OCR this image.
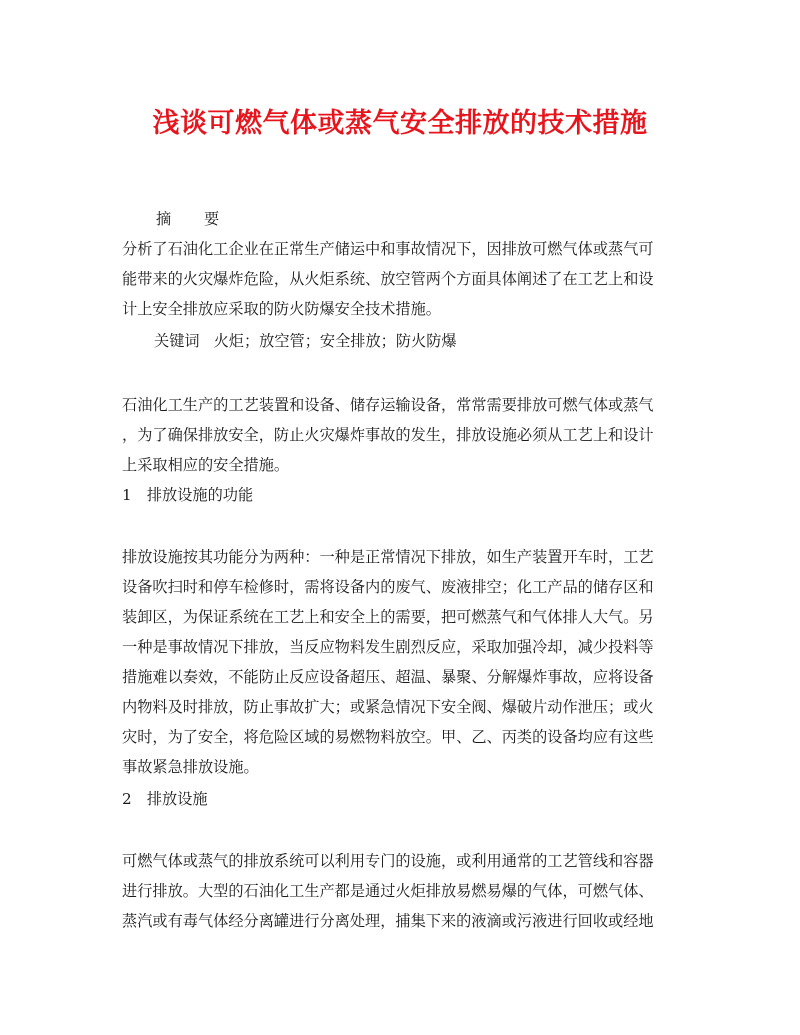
浅谈可燃气体或蒸气安全排放的技术措施

摘 要

分析了石油化工企业在正常生产储运中和事故情况下，因排放可燃气体或蒸气可

能带来的火灾爆炸危险，从火炬系统、放空管两个方面具体阐述了在工艺上和设

计上安全排放应采取的防火防爆安全技术措施。

关键词 火炬；放空管；安全排放；防火防爆

石油化工生产的工艺装置和设备、储存运输设备，常常需要排放可燃气体或蒸气

，为了确保排放安全，防止火灾爆炸事故的发生，排放设施必须从工艺上和设计

上采取相应的安全措施。

1　排放设施的功能

排放设施按其功能分为两种：一种是正常情况下排放，如生产装置开车时，工艺

设备吹扫时和停车检修时，需将设备内的废气、废液排空；化工产品的储存区和

装卸区，为保证系统在工艺上和安全上的需要，把可燃蒸气和气体排人大气。另

一种是事故情况下排放，当反应物料发生剧烈反应，采取加强冷却，减少投料等

措施难以奏效，不能防止反应设备超压、超温、暴聚、分解爆炸事故，应将设备

内物料及时排放，防止事故扩大；或紧急情况下安全阀、爆破片动作泄压；或火

灾时，为了安全，将危险区域的易燃物料放空。甲、乙、丙类的设备均应有这些

事故紧急排放设施。

2　排放设施

可燃气体或蒸气的排放系统可以利用专门的设施，或利用通常的工艺管线和容器

进行排放。大型的石油化工生产都是通过火炬排放易燃易爆的气体，可燃气体、

蒸汽或有毒气体经分离罐进行分离处理，捕集下来的液滴或污液进行回收或经地
